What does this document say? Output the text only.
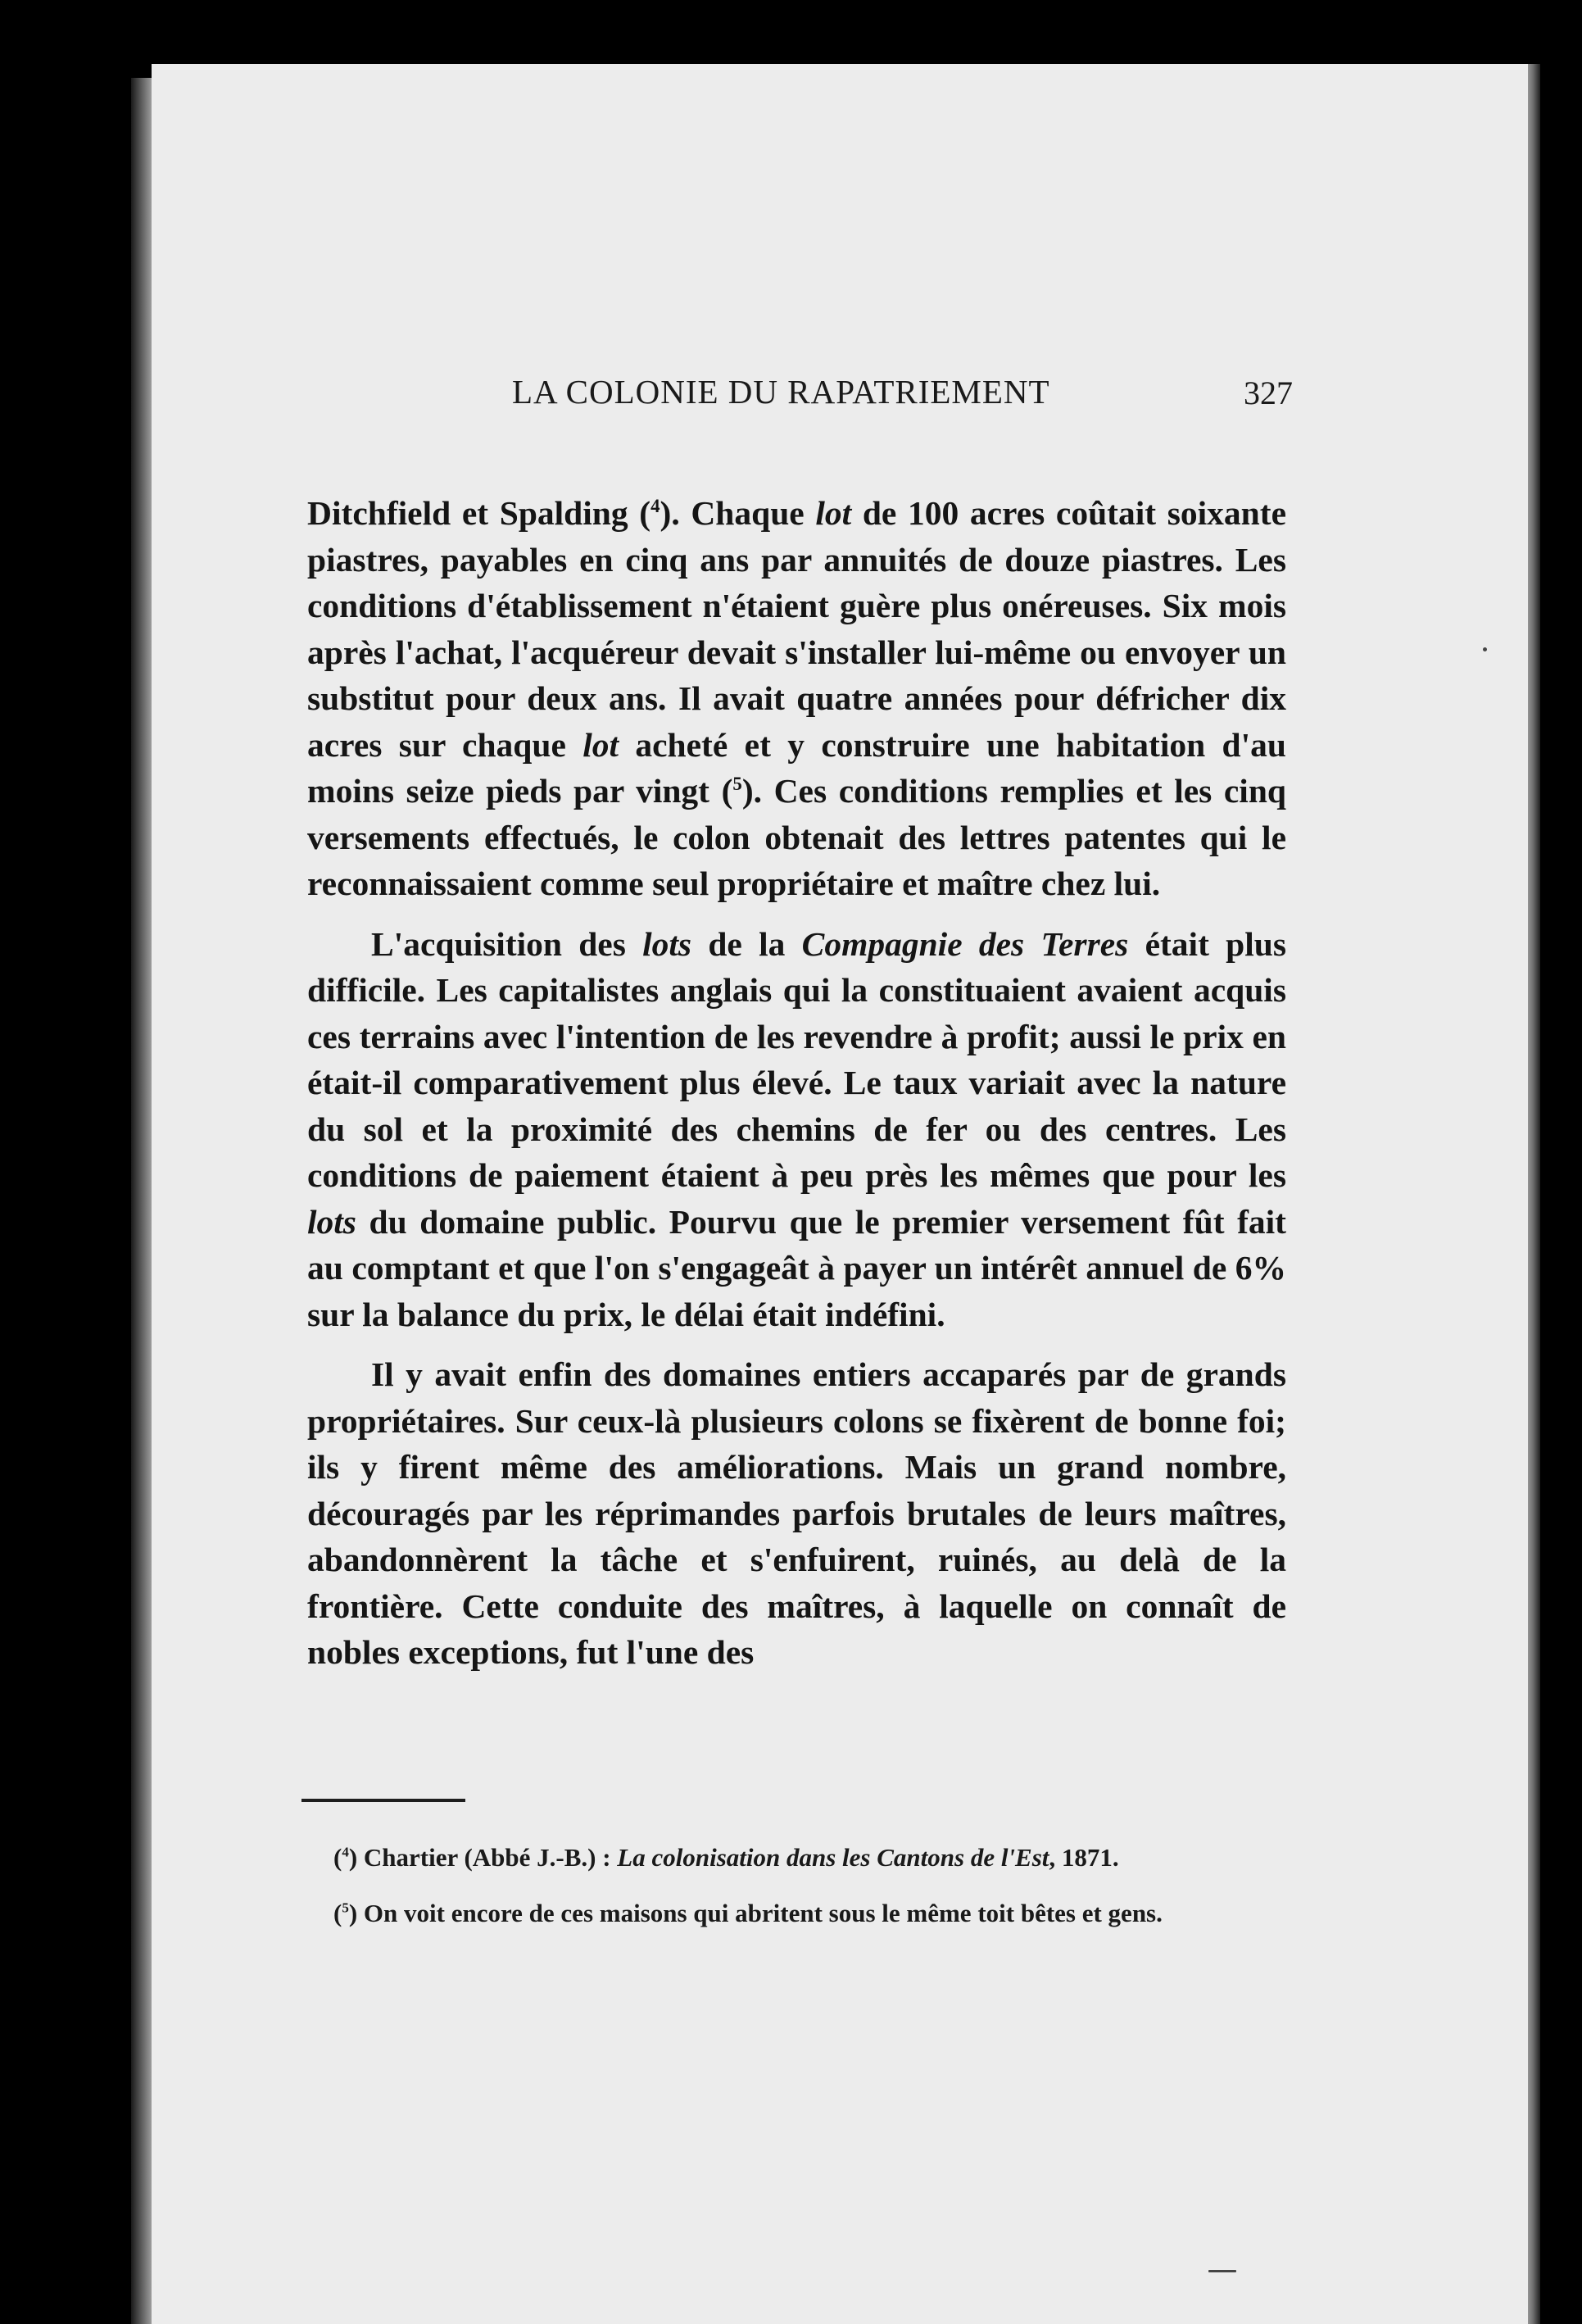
LA COLONIE DU RAPATRIEMENT	327

Ditchfield et Spalding ($^4$). Chaque lot de 100 acres coûtait soixante piastres, payables en cinq ans par annuités de douze piastres. Les conditions d'établissement n'étaient guère plus onéreuses. Six mois après l'achat, l'acquéreur devait s'installer lui-même ou envoyer un substitut pour deux ans. Il avait quatre années pour défricher dix acres sur chaque lot acheté et y construire une habitation d'au moins seize pieds par vingt ($^5$). Ces conditions remplies et les cinq versements effectués, le colon obtenait des lettres patentes qui le reconnaissaient comme seul propriétaire et maître chez lui.

L'acquisition des lots de la Compagnie des Terres était plus difficile. Les capitalistes anglais qui la constituaient avaient acquis ces terrains avec l'intention de les revendre à profit; aussi le prix en était-il comparativement plus élevé. Le taux variait avec la nature du sol et la proximité des chemins de fer ou des centres. Les conditions de paiement étaient à peu près les mêmes que pour les lots du domaine public. Pourvu que le premier versement fût fait au comptant et que l'on s'engageât à payer un intérêt annuel de 6% sur la balance du prix, le délai était indéfini.

Il y avait enfin des domaines entiers accaparés par de grands propriétaires. Sur ceux-là plusieurs colons se fixèrent de bonne foi; ils y firent même des améliorations. Mais un grand nombre, découragés par les réprimandes parfois brutales de leurs maîtres, abandonnèrent la tâche et s'enfuirent, ruinés, au delà de la frontière. Cette conduite des maîtres, à laquelle on connaît de nobles exceptions, fut l'une des

($^4$) Chartier (Abbé J.-B.) : La colonisation dans les Cantons de l'Est, 1871.

($^5$) On voit encore de ces maisons qui abritent sous le même toit bêtes et gens.
